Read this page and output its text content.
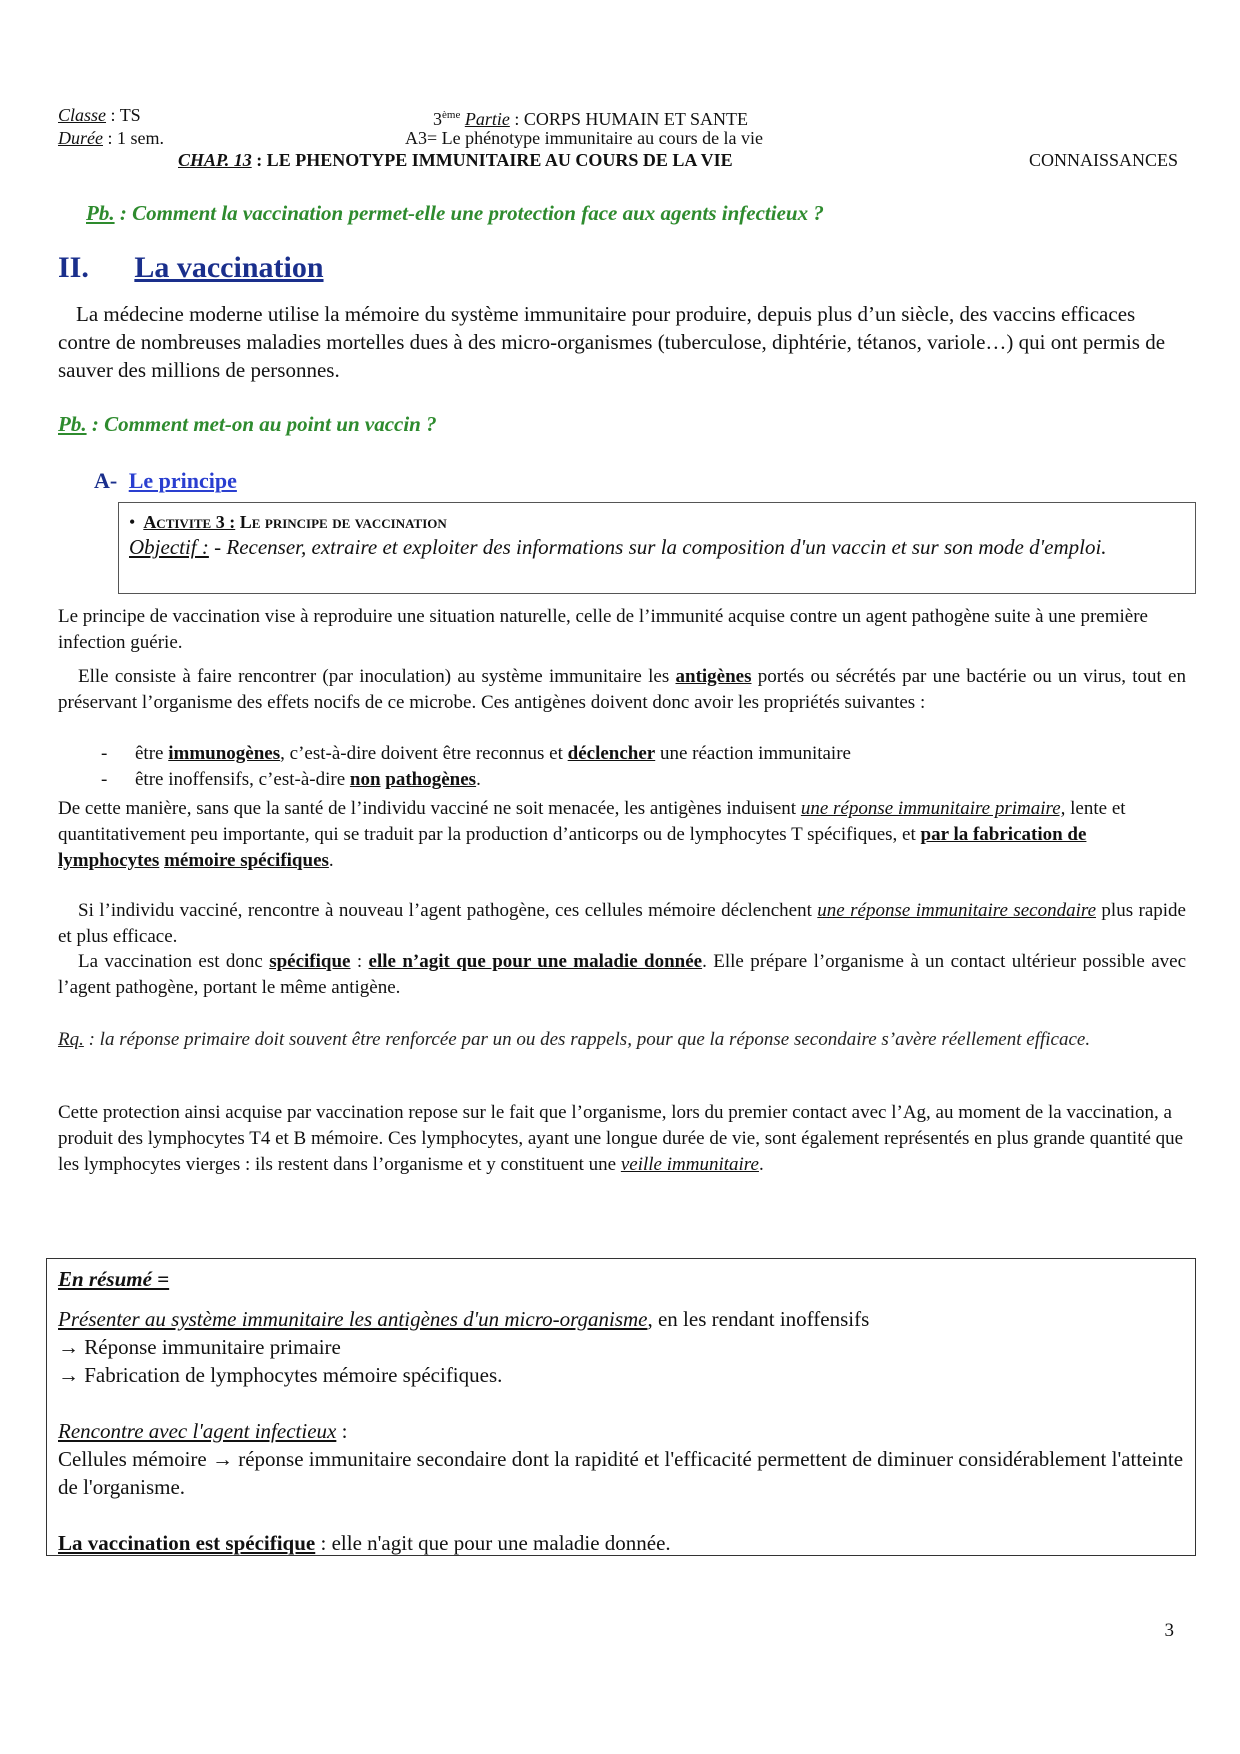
Classe : TS
Durée : 1 sem.
3ème Partie : CORPS HUMAIN ET SANTE
A3= Le phénotype immunitaire au cours de la vie
CHAP. 13 : LE PHENOTYPE IMMUNITAIRE AU COURS DE LA VIE	CONNAISSANCES
Pb. : Comment la vaccination permet-elle une protection face aux agents infectieux ?
II. La vaccination
La médecine moderne utilise la mémoire du système immunitaire pour produire, depuis plus d’un siècle, des vaccins efficaces contre de nombreuses maladies mortelles dues à des micro-organismes (tuberculose, diphtérie, tétanos, variole…) qui ont permis de sauver des millions de personnes.
Pb. : Comment met-on au point un vaccin ?
A- Le principe
• Activite 3 : Le principe de vaccination
Objectif : - Recenser, extraire et exploiter des informations sur la composition d'un vaccin et sur son mode d'emploi.
Le principe de vaccination vise à reproduire une situation naturelle, celle de l’immunité acquise contre un agent pathogène suite à une première infection guérie.
Elle consiste à faire rencontrer (par inoculation) au système immunitaire les antigènes portés ou sécrétés par une bactérie ou un virus, tout en préservant l’organisme des effets nocifs de ce microbe. Ces antigènes doivent donc avoir les propriétés suivantes :
- être immunogènes, c’est-à-dire doivent être reconnus et déclencher une réaction immunitaire
- être inoffensifs, c’est-à-dire non pathogènes.
De cette manière, sans que la santé de l’individu vacciné ne soit menacée, les antigènes induisent une réponse immunitaire primaire, lente et quantitativement peu importante, qui se traduit par la production d’anticorps ou de lymphocytes T spécifiques, et par la fabrication de lymphocytes mémoire spécifiques.
Si l’individu vacciné, rencontre à nouveau l’agent pathogène, ces cellules mémoire déclenchent une réponse immunitaire secondaire plus rapide et plus efficace.
La vaccination est donc spécifique : elle n’agit que pour une maladie donnée. Elle prépare l’organisme à un contact ultérieur possible avec l’agent pathogène, portant le même antigène.
Rq. : la réponse primaire doit souvent être renforcée par un ou des rappels, pour que la réponse secondaire s’avère réellement efficace.
Cette protection ainsi acquise par vaccination repose sur le fait que l’organisme, lors du premier contact avec l’Ag, au moment de la vaccination, a produit des lymphocytes T4 et B mémoire. Ces lymphocytes, ayant une longue durée de vie, sont également représentés en plus grande quantité que les lymphocytes vierges : ils restent dans l’organisme et y constituent une veille immunitaire.
En résumé =
Présenter au système immunitaire les antigènes d'un micro-organisme, en les rendant inoffensifs
→ Réponse immunitaire primaire
→ Fabrication de lymphocytes mémoire spécifiques.
Rencontre avec l'agent infectieux :
Cellules mémoire → réponse immunitaire secondaire dont la rapidité et l'efficacité permettent de diminuer considérablement l'atteinte de l'organisme.
La vaccination est spécifique : elle n'agit que pour une maladie donnée.
3
